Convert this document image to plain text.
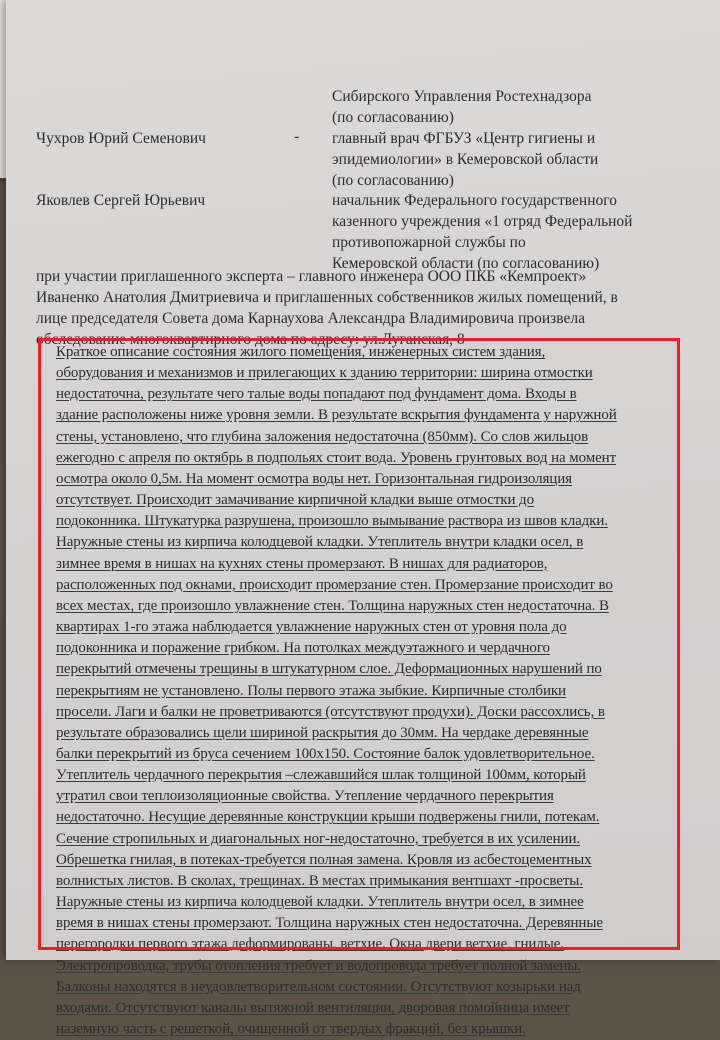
Сибирского Управления Ростехнадзора
(по согласованию)
Чухров Юрий Семенович	- главный врач ФГБУЗ «Центр гигиены и
эпидемиологии» в Кемеровской области
(по согласованию)
Яковлев Сергей Юрьевич	начальник Федерального государственного
казенного учреждения «1 отряд Федеральной
противопожарной службы по
Кемеровской области (по согласованию)
при участии приглашенного эксперта – главного инженера ООО ПКБ «Кемпроект»
Иваненко Анатолия Дмитриевича и приглашенных собственников жилых помещений, в
лице председателя Совета дома Карнаухова Александра Владимировича произвела
обследование многоквартирного дома по адресу: ул.Луганская, 8
Краткое описание состояния жилого помещения, инженерных систем здания,
оборудования и механизмов и прилегающих к зданию территории: ширина отмостки
недостаточна, результате чего талые воды попадают под фундамент дома. Входы в
здание расположены ниже уровня земли. В результате вскрытия фундамента у наружной
стены, установлено, что глубина заложения недостаточна (850мм). Со слов жильцов
ежегодно с апреля по октябрь в подпольях стоит вода. Уровень грунтовых вод на момент
осмотра около 0,5м. На момент осмотра воды нет. Горизонтальная гидроизоляция
отсутствует. Происходит замачивание кирпичной кладки выше отмостки до
подоконника. Штукатурка разрушена, произошло вымывание раствора из швов кладки.
Наружные стены из кирпича колодцевой кладки. Утеплитель внутри кладки осел, в
зимнее время в нишах на кухнях стены промерзают. В нишах для радиаторов,
расположенных под окнами, происходит промерзание стен. Промерзание происходит во
всех местах, где произошло увлажнение стен. Толщина наружных стен недостаточна. В
квартирах 1-го этажа наблюдается увлажнение наружных стен от уровня пола до
подоконника и поражение грибком. На потолках междуэтажного и чердачного
перекрытий отмечены трещины в штукатурном слое. Деформационных нарушений по
перекрытиям не установлено. Полы первого этажа зыбкие. Кирпичные столбики
просели. Лаги и балки не проветриваются (отсутствуют продухи). Доски рассохлись, в
результате образовались щели шириной раскрытия до 30мм. На чердаке деревянные
балки перекрытий из бруса сечением 100х150. Состояние балок удовлетворительное.
Утеплитель чердачного перекрытия –слежавшийся шлак толщиной 100мм, который
утратил свои теплоизоляционные свойства. Утепление чердачного перекрытия
недостаточно. Несущие деревянные конструкции крыши подвержены гнили, потекам.
Сечение стропильных и диагональных ног-недостаточно, требуется в их усилении.
Обрешетка гнилая, в потеках-требуется полная замена. Кровля из асбестоцементных
волнистых листов. В сколах, трещинах. В местах примыкания вентшахт -просветы.
Наружные стены из кирпича колодцевой кладки. Утеплитель внутри осел, в зимнее
время в нишах стены промерзают. Толщина наружных стен недостаточна. Деревянные
перегородки первого этажа деформированы, ветхие. Окна двери ветхие, гнилые.
Электропроводка, трубы отопления требует и водопровода требует полной замены.
Балконы находятся в неудовлетворительном состоянии. Отсутствуют козырьки над
входами. Отсутствуют каналы вытяжной вентиляции, дворовая помойница имеет
наземную часть с решеткой, очищенной от твердых фракций, без крышки.
